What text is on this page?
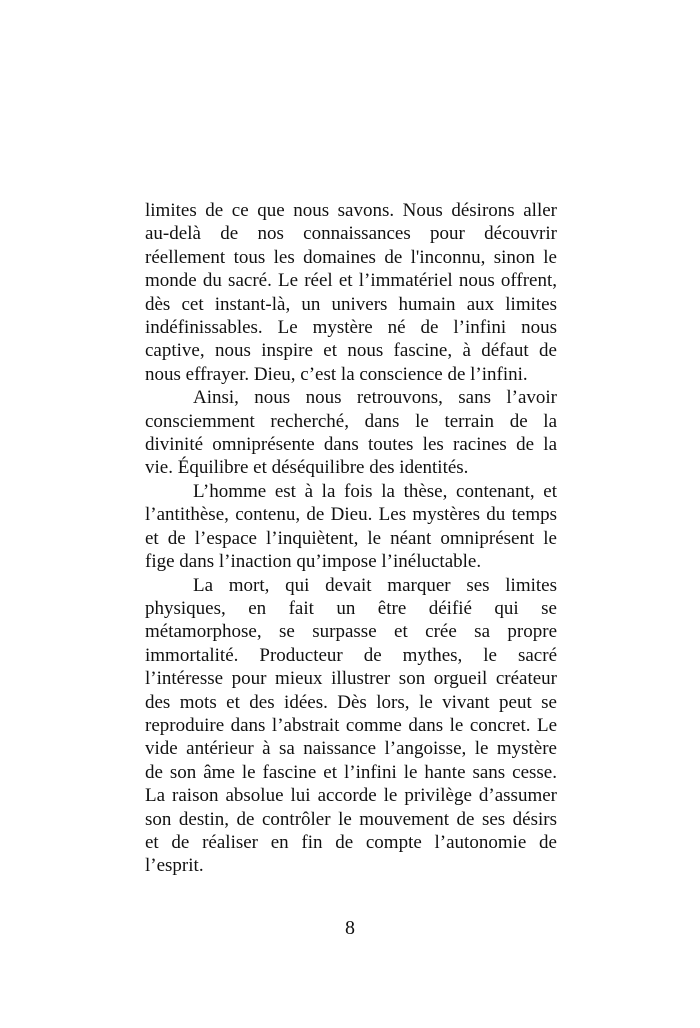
limites de ce que nous savons. Nous désirons aller
au-delà de nos connaissances pour découvrir
réellement tous les domaines de l'inconnu, sinon le
monde du sacré. Le réel et l’immatériel nous offrent,
dès cet instant-là, un univers humain aux limites
indéfinissables. Le mystère né de l’infini nous
captive, nous inspire et nous fascine, à défaut de
nous effrayer. Dieu, c’est la conscience de l’infini.

Ainsi, nous nous retrouvons, sans l’avoir
consciemment recherché, dans le terrain de la
divinité omniprésente dans toutes les racines de la
vie. Équilibre et déséquilibre des identités.

L’homme est à la fois la thèse, contenant, et
l’antithèse, contenu, de Dieu. Les mystères du temps
et de l’espace l’inquiètent, le néant omniprésent le
fige dans l’inaction qu’impose l’inéluctable.

La mort, qui devait marquer ses limites
physiques, en fait un être déifié qui se
métamorphose, se surpasse et crée sa propre
immortalité. Producteur de mythes, le sacré
l’intéresse pour mieux illustrer son orgueil créateur
des mots et des idées. Dès lors, le vivant peut se
reproduire dans l’abstrait comme dans le concret. Le
vide antérieur à sa naissance l’angoisse, le mystère
de son âme le fascine et l’infini le hante sans cesse.
La raison absolue lui accorde le privilège d’assumer
son destin, de contrôler le mouvement de ses désirs
et de réaliser en fin de compte l’autonomie de
l’esprit.

8
